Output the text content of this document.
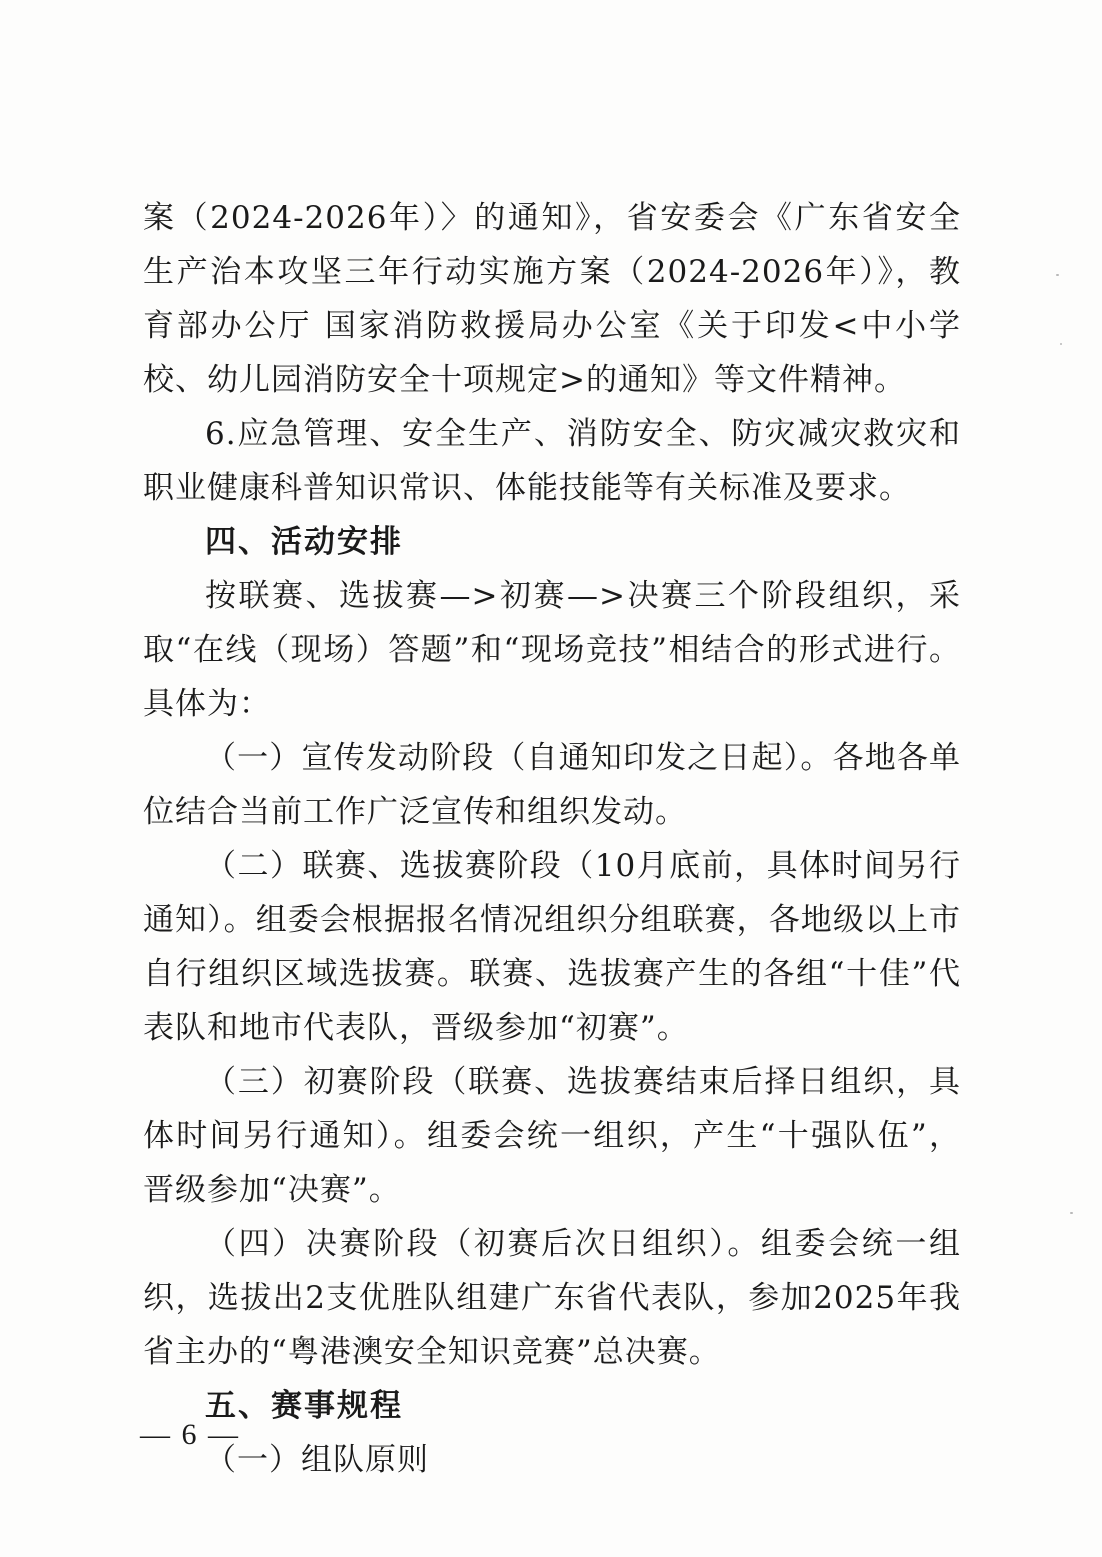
案（2024-2026年）〉的通知》，省安委会《广东省安全生产治本攻坚三年行动实施方案（2024-2026年）》，教育部办公厅 国家消防救援局办公室《关于印发<中小学校、幼儿园消防安全十项规定>的通知》等文件精神。

6.应急管理、安全生产、消防安全、防灾减灾救灾和职业健康科普知识常识、体能技能等有关标准及要求。

四、活动安排

按联赛、选拔赛—>初赛—>决赛三个阶段组织，采取“在线（现场）答题”和“现场竞技”相结合的形式进行。具体为：

（一）宣传发动阶段（自通知印发之日起）。各地各单位结合当前工作广泛宣传和组织发动。

（二）联赛、选拔赛阶段（10月底前，具体时间另行通知）。组委会根据报名情况组织分组联赛，各地级以上市自行组织区域选拔赛。联赛、选拔赛产生的各组“十佳”代表队和地市代表队，晋级参加“初赛”。

（三）初赛阶段（联赛、选拔赛结束后择日组织，具体时间另行通知）。组委会统一组织，产生“十强队伍”，晋级参加“决赛”。

（四）决赛阶段（初赛后次日组织）。组委会统一组织，选拔出2支优胜队组建广东省代表队，参加2025年我省主办的“粤港澳安全知识竞赛”总决赛。

五、赛事规程

（一）组队原则

— 6 —
